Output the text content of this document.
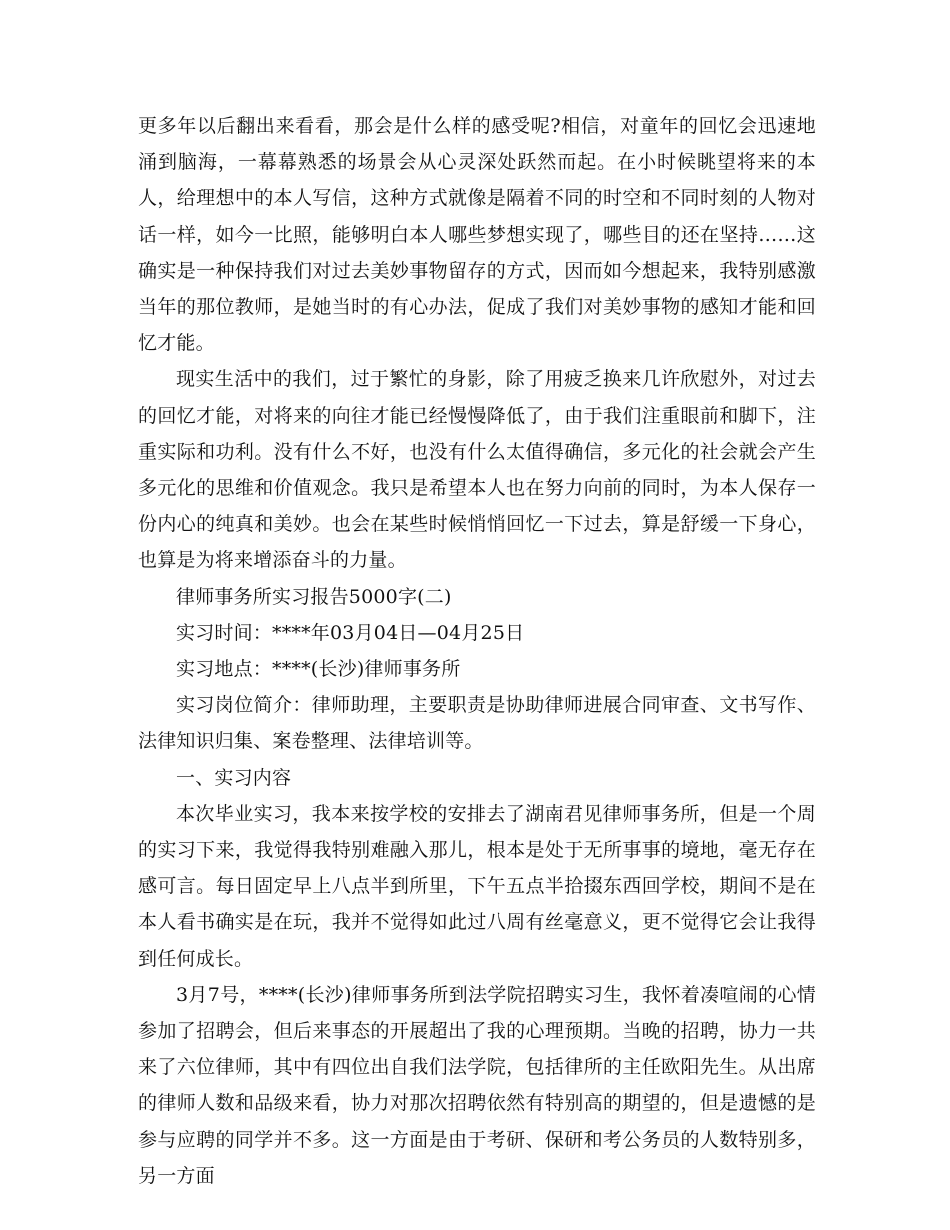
更多年以后翻出来看看，那会是什么样的感受呢?相信，对童年的回忆会迅速地涌到脑海，一幕幕熟悉的场景会从心灵深处跃然而起。在小时候眺望将来的本人，给理想中的本人写信，这种方式就像是隔着不同的时空和不同时刻的人物对话一样，如今一比照，能够明白本人哪些梦想实现了，哪些目的还在坚持……这确实是一种保持我们对过去美妙事物留存的方式，因而如今想起来，我特别感激当年的那位教师，是她当时的有心办法，促成了我们对美妙事物的感知才能和回忆才能。

现实生活中的我们，过于繁忙的身影，除了用疲乏换来几许欣慰外，对过去的回忆才能，对将来的向往才能已经慢慢降低了，由于我们注重眼前和脚下，注重实际和功利。没有什么不好，也没有什么太值得确信，多元化的社会就会产生多元化的思维和价值观念。我只是希望本人也在努力向前的同时，为本人保存一份内心的纯真和美妙。也会在某些时候悄悄回忆一下过去，算是舒缓一下身心，也算是为将来增添奋斗的力量。

律师事务所实习报告5000字(二)

实习时间：****年03月04日—04月25日

实习地点：****(长沙)律师事务所

实习岗位简介：律师助理，主要职责是协助律师进展合同审查、文书写作、法律知识归集、案卷整理、法律培训等。

一、实习内容

本次毕业实习，我本来按学校的安排去了湖南君见律师事务所，但是一个周的实习下来，我觉得我特别难融入那儿，根本是处于无所事事的境地，毫无存在感可言。每日固定早上八点半到所里，下午五点半拾掇东西回学校，期间不是在本人看书确实是在玩，我并不觉得如此过八周有丝毫意义，更不觉得它会让我得到任何成长。

3月7号，****(长沙)律师事务所到法学院招聘实习生，我怀着凑喧闹的心情参加了招聘会，但后来事态的开展超出了我的心理预期。当晚的招聘，协力一共来了六位律师，其中有四位出自我们法学院，包括律所的主任欧阳先生。从出席的律师人数和品级来看，协力对那次招聘依然有特别高的期望的，但是遗憾的是参与应聘的同学并不多。这一方面是由于考研、保研和考公务员的人数特别多，另一方面
